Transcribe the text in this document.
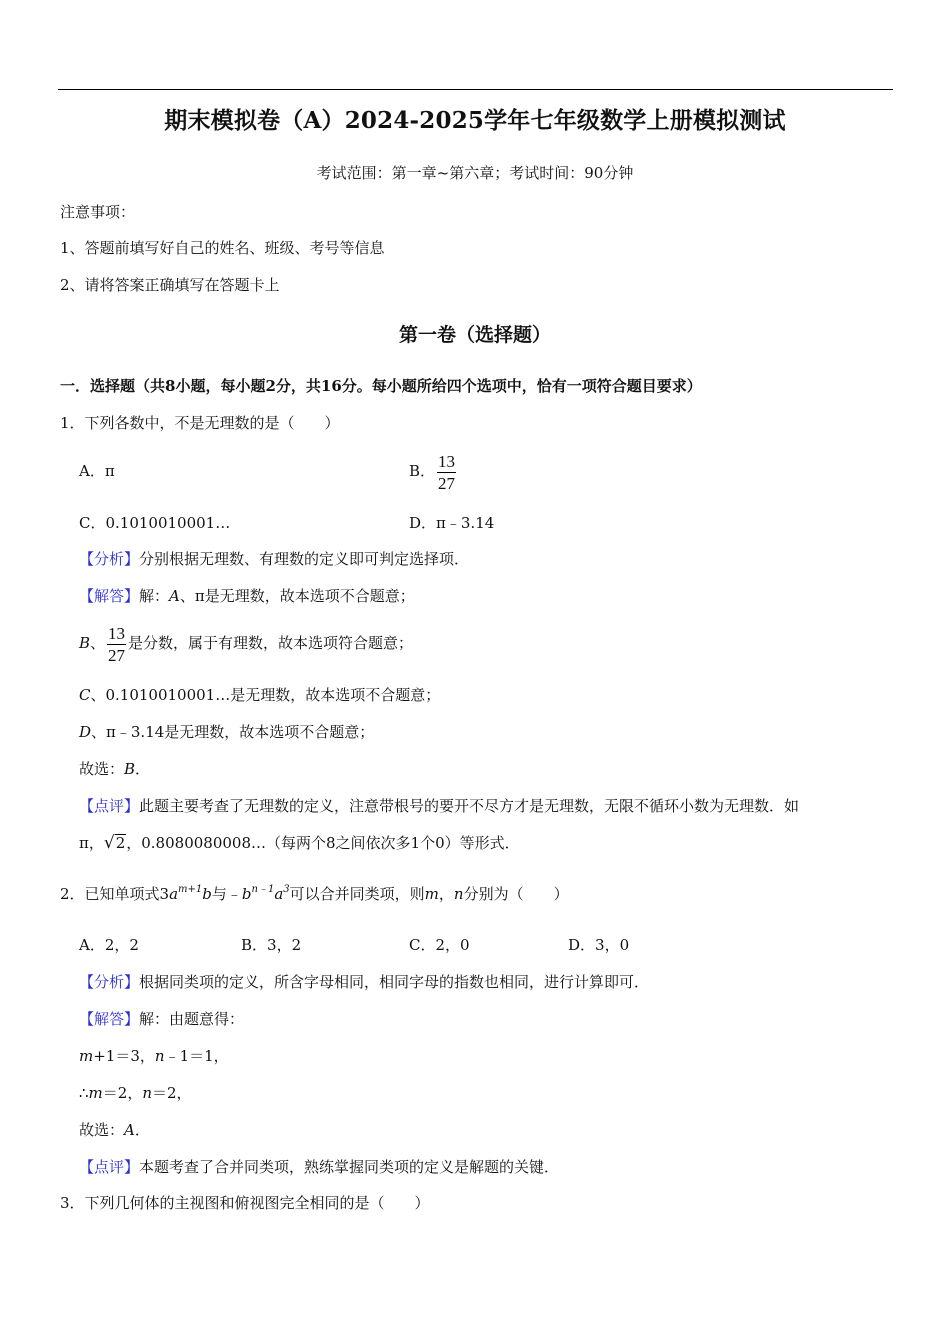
期末模拟卷（A）2024-2025学年七年级数学上册模拟测试
考试范围：第一章~第六章；考试时间：90分钟
注意事项：
1、答题前填写好自己的姓名、班级、考号等信息
2、请将答案正确填写在答题卡上
第一卷（选择题）
一．选择题（共8小题，每小题2分，共16分。每小题所给四个选项中，恰有一项符合题目要求）
1．下列各数中，不是无理数的是（　　）
A．π	B． $\frac{13}{27}$
C．0.1010010001…	D．π﹣3.14
【分析】分别根据无理数、有理数的定义即可判定选择项．
【解答】解：A、π是无理数，故本选项不合题意；
B、 $\frac{13}{27}$ 是分数，属于有理数，故本选项符合题意；
C、0.1010010001…是无理数，故本选项不合题意；
D、π﹣3.14是无理数，故本选项不合题意；
故选：B．
【点评】此题主要考查了无理数的定义，注意带根号的要开不尽方才是无理数，无限不循环小数为无理数．如
π，√2，0.8080080008…（每两个8之间依次多1个0）等形式．
2．已知单项式$3a^{m+1}b$与$﹣b^{n﹣1}a^3$可以合并同类项，则m，n分别为（　　）
A．2，2	B．3，2	C．2，0	D．3，0
【分析】根据同类项的定义，所含字母相同，相同字母的指数也相同，进行计算即可．
【解答】解：由题意得：
m+1＝3，n﹣1＝1，
∴m＝2，n＝2，
故选：A．
【点评】本题考查了合并同类项，熟练掌握同类项的定义是解题的关键．
3．下列几何体的主视图和俯视图完全相同的是（　　）
